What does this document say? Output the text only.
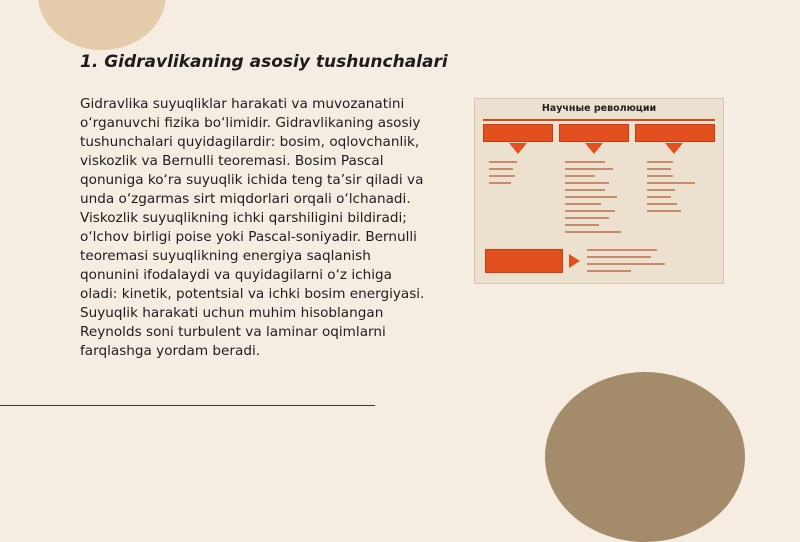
1. Gidravlikaning asosiy tushunchalari

Gidravlika suyuqliklar harakati va muvozanatini o‘rganuvchi fizika bo‘limidir. Gidravlikaning asosiy tushunchalari quyidagilardir: bosim, oqlovchanlik, viskozlik va Bernulli teoremasi. Bosim Pascal qonuniga ko‘ra suyuqlik ichida teng ta’sir qiladi va unda o‘zgarmas sirt miqdorlari orqali o‘lchanadi. Viskozlik suyuqlikning ichki qarshiligini bildiradi; o‘lchov birligi poise yoki Pascal-soniyadir. Bernulli teoremasi suyuqlikning energiya saqlanish qonunini ifodalaydi va quyidagilarni o‘z ichiga oladi: kinetik, potentsial va ichki bosim energiyasi. Suyuqlik harakati uchun muhim hisoblangan Reynolds soni turbulent va laminar oqimlarni farqlashga yordam beradi.

Научные революции
